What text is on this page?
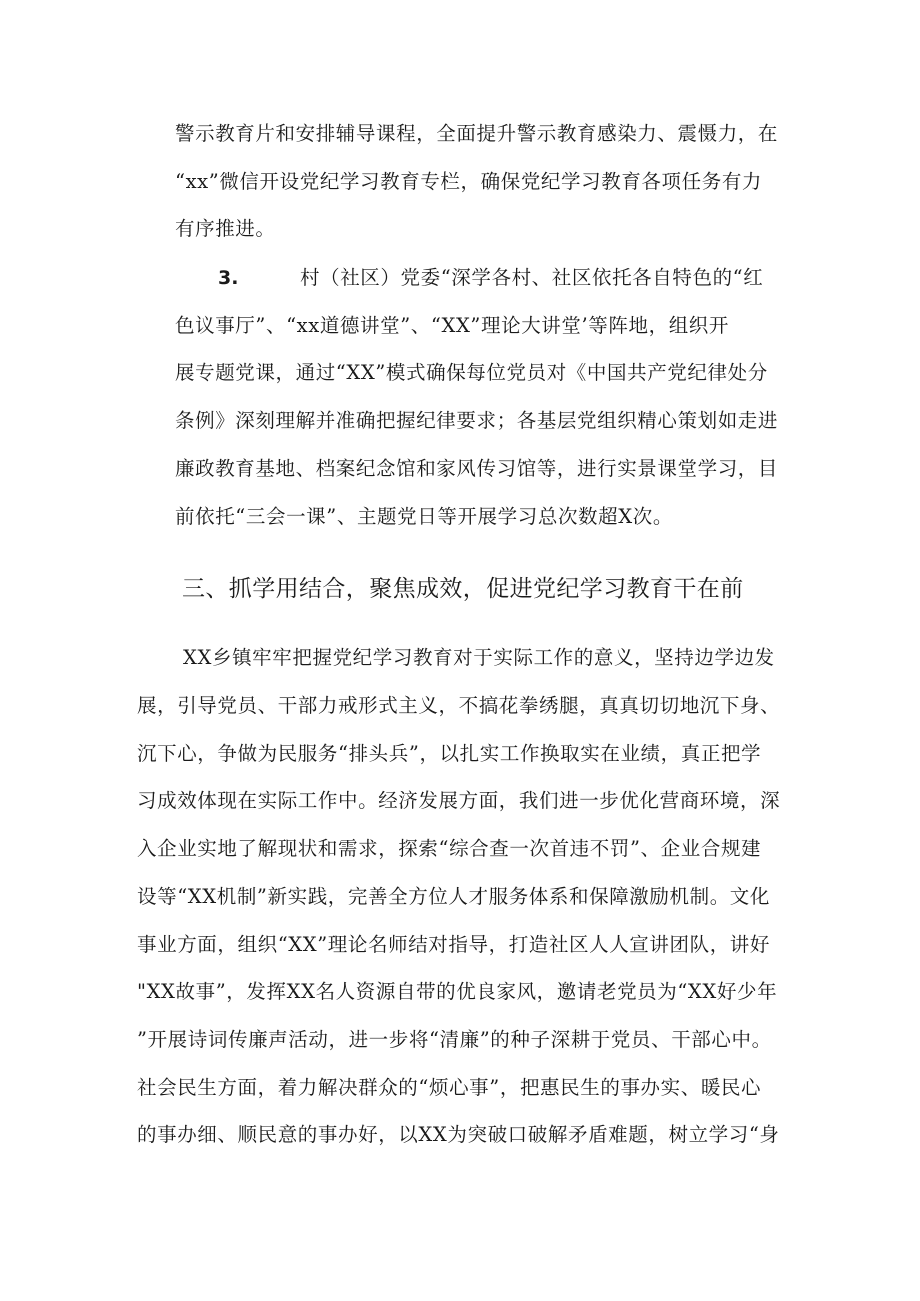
警示教育片和安排辅导课程，全面提升警示教育感染力、震慑力，在
“xx”微信开设党纪学习教育专栏，确保党纪学习教育各项任务有力
有序推进。
3.	村（社区）党委“深学各村、社区依托各自特色的“红
色议事厅”、“xx道德讲堂”、“XX”理论大讲堂’等阵地，组织开
展专题党课，通过“XX”模式确保每位党员对《中国共产党纪律处分
条例》深刻理解并准确把握纪律要求；各基层党组织精心策划如走进
廉政教育基地、档案纪念馆和家风传习馆等，进行实景课堂学习，目
前依托“三会一课”、主题党日等开展学习总次数超X次。
三、抓学用结合，聚焦成效，促进党纪学习教育干在前
XX乡镇牢牢把握党纪学习教育对于实际工作的意义，坚持边学边发
展，引导党员、干部力戒形式主义，不搞花拳绣腿，真真切切地沉下身、
沉下心，争做为民服务“排头兵”，以扎实工作换取实在业绩，真正把学
习成效体现在实际工作中。经济发展方面，我们进一步优化营商环境，深
入企业实地了解现状和需求，探索“综合查一次首违不罚”、企业合规建
设等“XX机制”新实践，完善全方位人才服务体系和保障激励机制。文化
事业方面，组织“XX”理论名师结对指导，打造社区人人宣讲团队，讲好
"XX故事”，发挥XX名人资源自带的优良家风，邀请老党员为“XX好少年
”开展诗词传廉声活动，进一步将“清廉”的种子深耕于党员、干部心中。
社会民生方面，着力解决群众的“烦心事”，把惠民生的事办实、暖民心
的事办细、顺民意的事办好，以XX为突破口破解矛盾难题，树立学习“身
